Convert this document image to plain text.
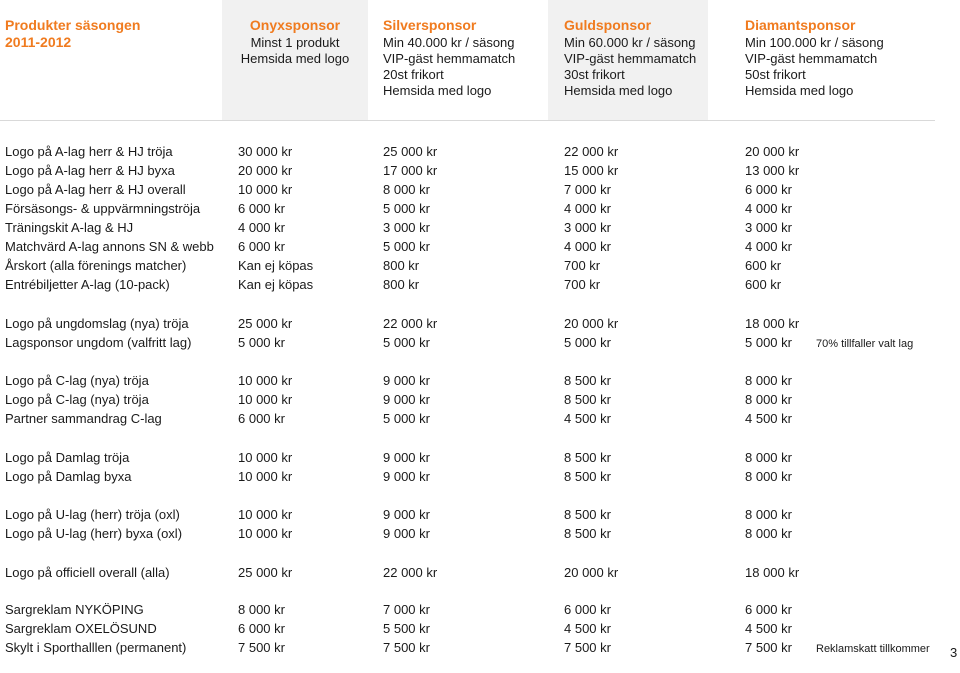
Produkter säsongen
2011-2012
Onyxsponsor
Minst 1 produkt
Hemsida med logo
Silversponsor
Min 40.000 kr / säsong
VIP-gäst hemmamatch
20st frikort
Hemsida med logo
Guldsponsor
Min 60.000 kr / säsong
VIP-gäst hemmamatch
30st frikort
Hemsida med logo
Diamantsponsor
Min 100.000 kr / säsong
VIP-gäst hemmamatch
50st frikort
Hemsida med logo
Logo på A-lag herr & HJ tröja	30 000 kr	25 000 kr	22 000 kr	20 000 kr
Logo på A-lag herr & HJ byxa	20 000 kr	17 000 kr	15 000 kr	13 000 kr
Logo på A-lag herr & HJ overall	10 000 kr	8 000 kr	7 000 kr	6 000 kr
Försäsongs- & uppvärmningströja	6 000 kr	5 000 kr	4 000 kr	4 000 kr
Träningskit A-lag & HJ	4 000 kr	3 000 kr	3 000 kr	3 000 kr
Matchvärd A-lag annons SN & webb 6 000 kr	5 000 kr	4 000 kr	4 000 kr
Årskort (alla förenings matcher)	Kan ej köpas	800 kr	700 kr	600 kr
Entrébiljetter A-lag (10-pack)	Kan ej köpas	800 kr	700 kr	600 kr
Logo på ungdomslag (nya) tröja	25 000 kr	22 000 kr	20 000 kr	18 000 kr
Lagsponsor ungdom (valfritt lag)	5 000 kr	5 000 kr	5 000 kr	5 000 kr 70% tillfaller valt lag
Logo på C-lag (nya) tröja	10 000 kr	9 000 kr	8 500 kr	8 000 kr
Logo på C-lag (nya) tröja	10 000 kr	9 000 kr	8 500 kr	8 000 kr
Partner sammandrag C-lag	6 000 kr	5 000 kr	4 500 kr	4 500 kr
Logo på Damlag tröja	10 000 kr	9 000 kr	8 500 kr	8 000 kr
Logo på Damlag byxa	10 000 kr	9 000 kr	8 500 kr	8 000 kr
Logo på U-lag (herr) tröja (oxl)	10 000 kr	9 000 kr	8 500 kr	8 000 kr
Logo på U-lag (herr) byxa (oxl)	10 000 kr	9 000 kr	8 500 kr	8 000 kr
Logo på officiell overall (alla)	25 000 kr	22 000 kr	20 000 kr	18 000 kr
Sargreklam NYKÖPING	8 000 kr	7 000 kr	6 000 kr	6 000 kr
Sargreklam OXELÖSUND	6 000 kr	5 500 kr	4 500 kr	4 500 kr
Skylt i Sporthalllen (permanent)	7 500 kr	7 500 kr	7 500 kr	7 500 kr Reklamskatt tillkommer 3
